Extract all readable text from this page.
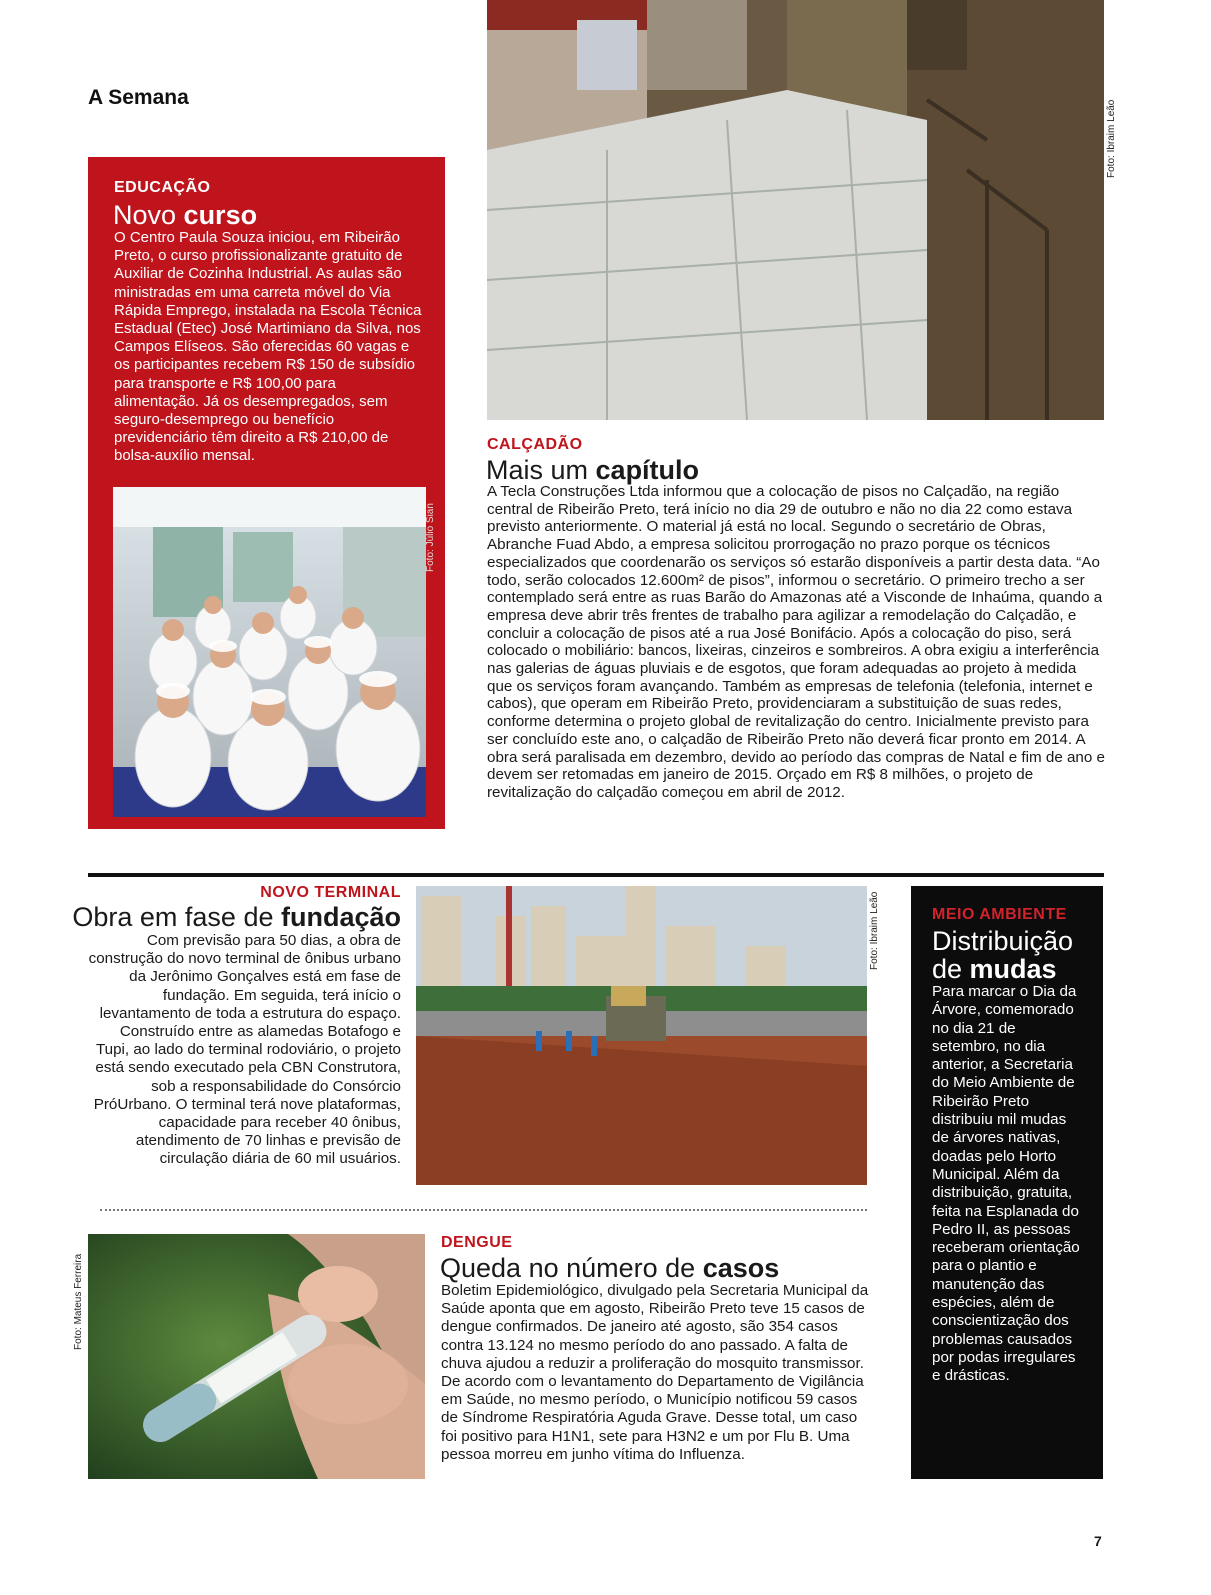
A Semana
EDUCAÇÃO
Novo curso
O Centro Paula Souza iniciou, em Ribeirão Preto, o curso profissionalizante gratuito de Auxiliar de Cozinha Industrial. As aulas são ministradas em uma carreta móvel do Via Rápida Emprego, instalada na Escola Técnica Estadual (Etec) José Martimiano da Silva, nos Campos Elíseos. São oferecidas 60 vagas e os participantes recebem R$ 150 de subsídio para transporte e R$ 100,00 para alimentação. Já os desempregados, sem seguro-desemprego ou benefício previdenciário têm direito a R$ 210,00 de bolsa-auxílio mensal.
Foto: Júlio Sian
Foto: Ibraim Leão
CALÇADÃO
Mais um capítulo
A Tecla Construções Ltda informou que a colocação de pisos no Calçadão, na região central de Ribeirão Preto, terá início no dia 29 de outubro e não no dia 22 como estava previsto anteriormente. O material já está no local. Segundo o secretário de Obras, Abranche Fuad Abdo, a empresa solicitou prorrogação no prazo porque os técnicos especializados que coordenarão os serviços só estarão disponíveis a partir desta data. “Ao todo, serão colocados 12.600m² de pisos”, informou o secretário. O primeiro trecho a ser contemplado será entre as ruas Barão do Amazonas até a Visconde de Inhaúma, quando a empresa deve abrir três frentes de trabalho para agilizar a remodelação do Calçadão, e concluir a colocação de pisos até a rua José Bonifácio. Após a colocação do piso, será colocado o mobiliário: bancos, lixeiras, cinzeiros e sombreiros. A obra exigiu a interferência nas galerias de águas pluviais e de esgotos, que foram adequadas ao projeto à medida que os serviços foram avançando. Também as empresas de telefonia (telefonia, internet e cabos), que operam em Ribeirão Preto, providenciaram a substituição de suas redes, conforme determina o projeto global de revitalização do centro. Inicialmente previsto para ser concluído este ano, o calçadão de Ribeirão Preto não deverá ficar pronto em 2014. A obra será paralisada em dezembro, devido ao período das compras de Natal e fim de ano e devem ser retomadas em janeiro de 2015. Orçado em R$ 8 milhões, o projeto de revitalização do calçadão começou em abril de 2012.
NOVO TERMINAL
Obra em fase de fundação
Com previsão para 50 dias, a obra de construção do novo terminal de ônibus urbano da Jerônimo Gonçalves está em fase de fundação. Em seguida, terá início o levantamento de toda a estrutura do espaço. Construído entre as alamedas Botafogo e Tupi, ao lado do terminal rodoviário, o projeto está sendo executado pela CBN Construtora, sob a responsabilidade do Consórcio PróUrbano. O terminal terá nove plataformas, capacidade para receber 40 ônibus, atendimento de 70 linhas e previsão de circulação diária de 60 mil usuários.
Foto: Ibraim Leão	MEIO AMBIENTE
Distribuição
de mudas
Para marcar o Dia da Árvore, comemorado no dia 21 de setembro, no dia anterior, a Secretaria do Meio Ambiente de Ribeirão Preto distribuiu mil mudas de árvores nativas, doadas pelo Horto Municipal. Além da distribuição, gratuita, feita na Esplanada do Pedro II, as pessoas receberam orientação para o plantio e manutenção das espécies, além de conscientização dos problemas causados por podas irregulares e drásticas.
Foto: Mateus Ferreira
DENGUE
Queda no número de casos
Boletim Epidemiológico, divulgado pela Secretaria Municipal da Saúde aponta que em agosto, Ribeirão Preto teve 15 casos de dengue confirmados. De janeiro até agosto, são 354 casos contra 13.124 no mesmo período do ano passado. A falta de chuva ajudou a reduzir a proliferação do mosquito transmissor. De acordo com o levantamento do Departamento de Vigilância em Saúde, no mesmo período, o Município notificou 59 casos de Síndrome Respiratória Aguda Grave. Desse total, um caso foi positivo para H1N1, sete para H3N2 e um por Flu B. Uma pessoa morreu em junho vítima do Influenza.
7
